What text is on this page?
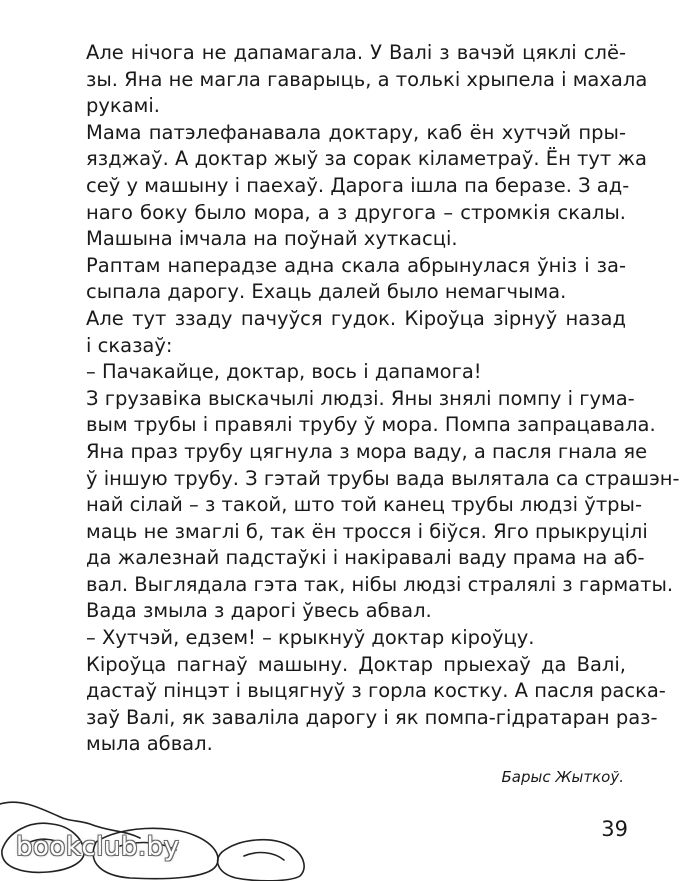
Але нічога не дапамагала. У Валі з вачэй цяклі слё-
зы. Яна не магла гаварыць, а толькі хрыпела і махала
рукамі.
Мама патэлефанавала доктару, каб ён хутчэй пры-
язджаў. А доктар жыў за сорак кіламетраў. Ён тут жа
сеў у машыну і паехаў. Дарога ішла па беразе. З ад-
нагo боку было мора, а з другога – стромкія скалы.
Машына імчала на поўнай хуткасці.
Раптам наперадзе адна скала абрынулася ўніз і за-
сыпала дарогу. Ехаць далей было немагчыма.
Але тут ззаду пачуўся гудок. Кіроўца зірнуў назад
і сказаў:
– Пачакайце, доктар, вось і дапамога!
З грузавіка выскачылі людзі. Яны знялі помпу і гума-
вым трубы і правялі трубу ў мора. Помпа запрацавала.
Яна праз трубу цягнула з мора ваду, а пасля гнала яе
ў іншую трубу. З гэтай трубы вада вылятала са страшэн-
най сілай – з такой, што той канец трубы людзі ўтры-
маць не змаглі б, так ён тросся і біўся. Яго прыкруцілі
да жалезнай падстаўкі і накіравалі ваду прама на аб-
вал. Выглядала гэта так, нібы людзі стралялі з гарматы.
Вада змыла з дарогі ўвесь абвал.
– Хутчэй, едзем! – крыкнуў доктар кіроўцу.
Кіроўца пагнаў машыну. Доктар прыехаў да Валі,
дастаў пінцэт і выцягнуў з горла костку. А пасля раска-
заў Валі, як заваліла дарогу і як помпа-гідратаран раз-
мыла абвал.
Барыс Жыткоў.
39
bookclub.by
